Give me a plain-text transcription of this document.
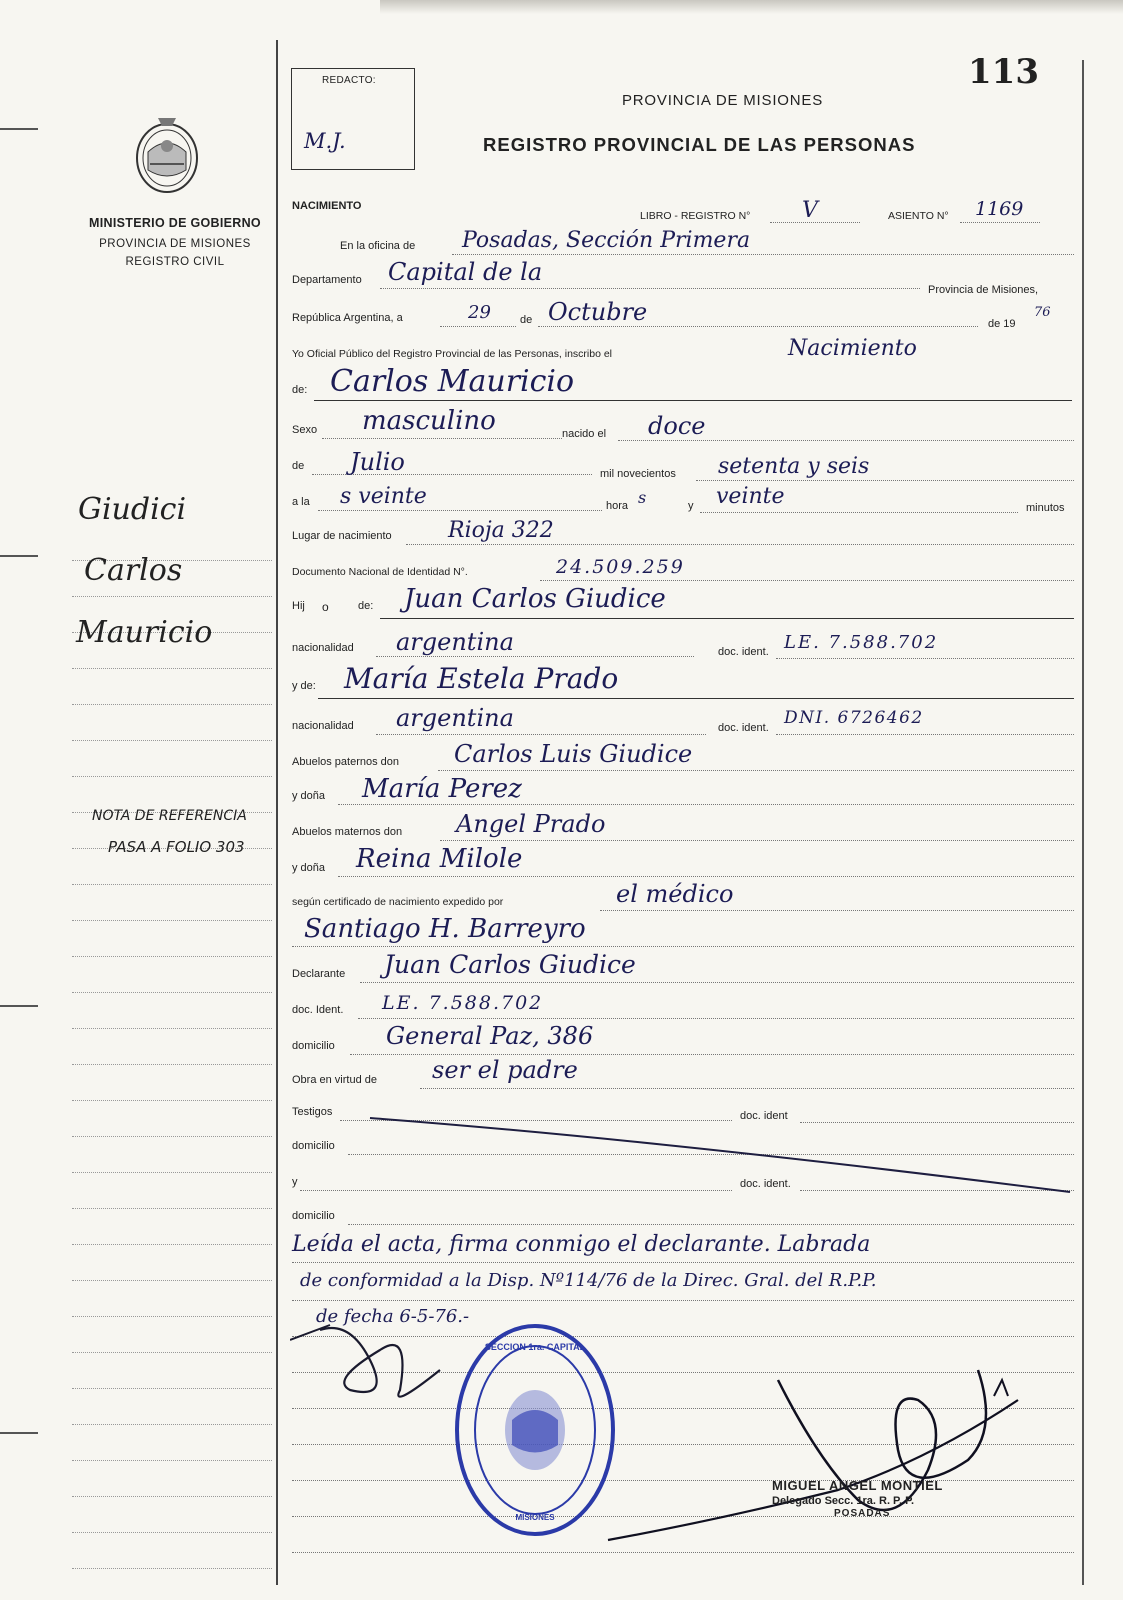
MINISTERIO DE GOBIERNO
PROVINCIA DE MISIONES
REGISTRO CIVIL
Giudici
Carlos
Mauricio
NOTA DE REFERENCIA
PASA A FOLIO 303
REDACTO:
M.J.
113
PROVINCIA DE MISIONES
REGISTRO PROVINCIAL DE LAS PERSONAS
NACIMIENTO
LIBRO - REGISTRO N° V	ASIENTO N° 1169
En la oficina de Posadas, Sección Primera
Departamento Capital de la
Provincia de Misiones,
República Argentina, a	29	de Octubre	de 19
76
Yo Oficial Público del Registro Provincial de las Personas, inscribo el	Nacimiento
de: Carlos Mauricio
Sexo masculino	nacido el doce
de Julio	mil novecientos setenta y seis
a la s veinte	hora s	y veinte	minutos
Lugar de nacimiento	Rioja 322
Documento Nacional de Identidad N°.	24.509.259
Hij o	de: Juan Carlos Giudice
nacionalidad argentina	doc. ident. LE. 7.588.702
y de: María Estela Prado
nacionalidad argentina	doc. ident. DNI. 6726462
Abuelos paternos don Carlos Luis Giudice
y doña María Perez
Abuelos maternos don Angel Prado
y doña Reina Milole
según certificado de nacimiento expedido por	el médico
Santiago H. Barreyro
Declarante Juan Carlos Giudice
doc. Ident. LE. 7.588.702
domicilio General Paz, 386
Obra en virtud de ser el padre
Testigos	doc. ident
domicilio
y	doc. ident.
domicilio
Leída el acta, firma conmigo el declarante. Labrada
de conformidad a la Disp. Nº114/76 de la Direc. Gral. del R.P.P.
de fecha 6-5-76.-
SECCION 1ra. CAPITAL
MISIONES
MIGUEL ANGEL MONTIEL
Delegado Secc. 1ra. R. P. P.
POSADAS
